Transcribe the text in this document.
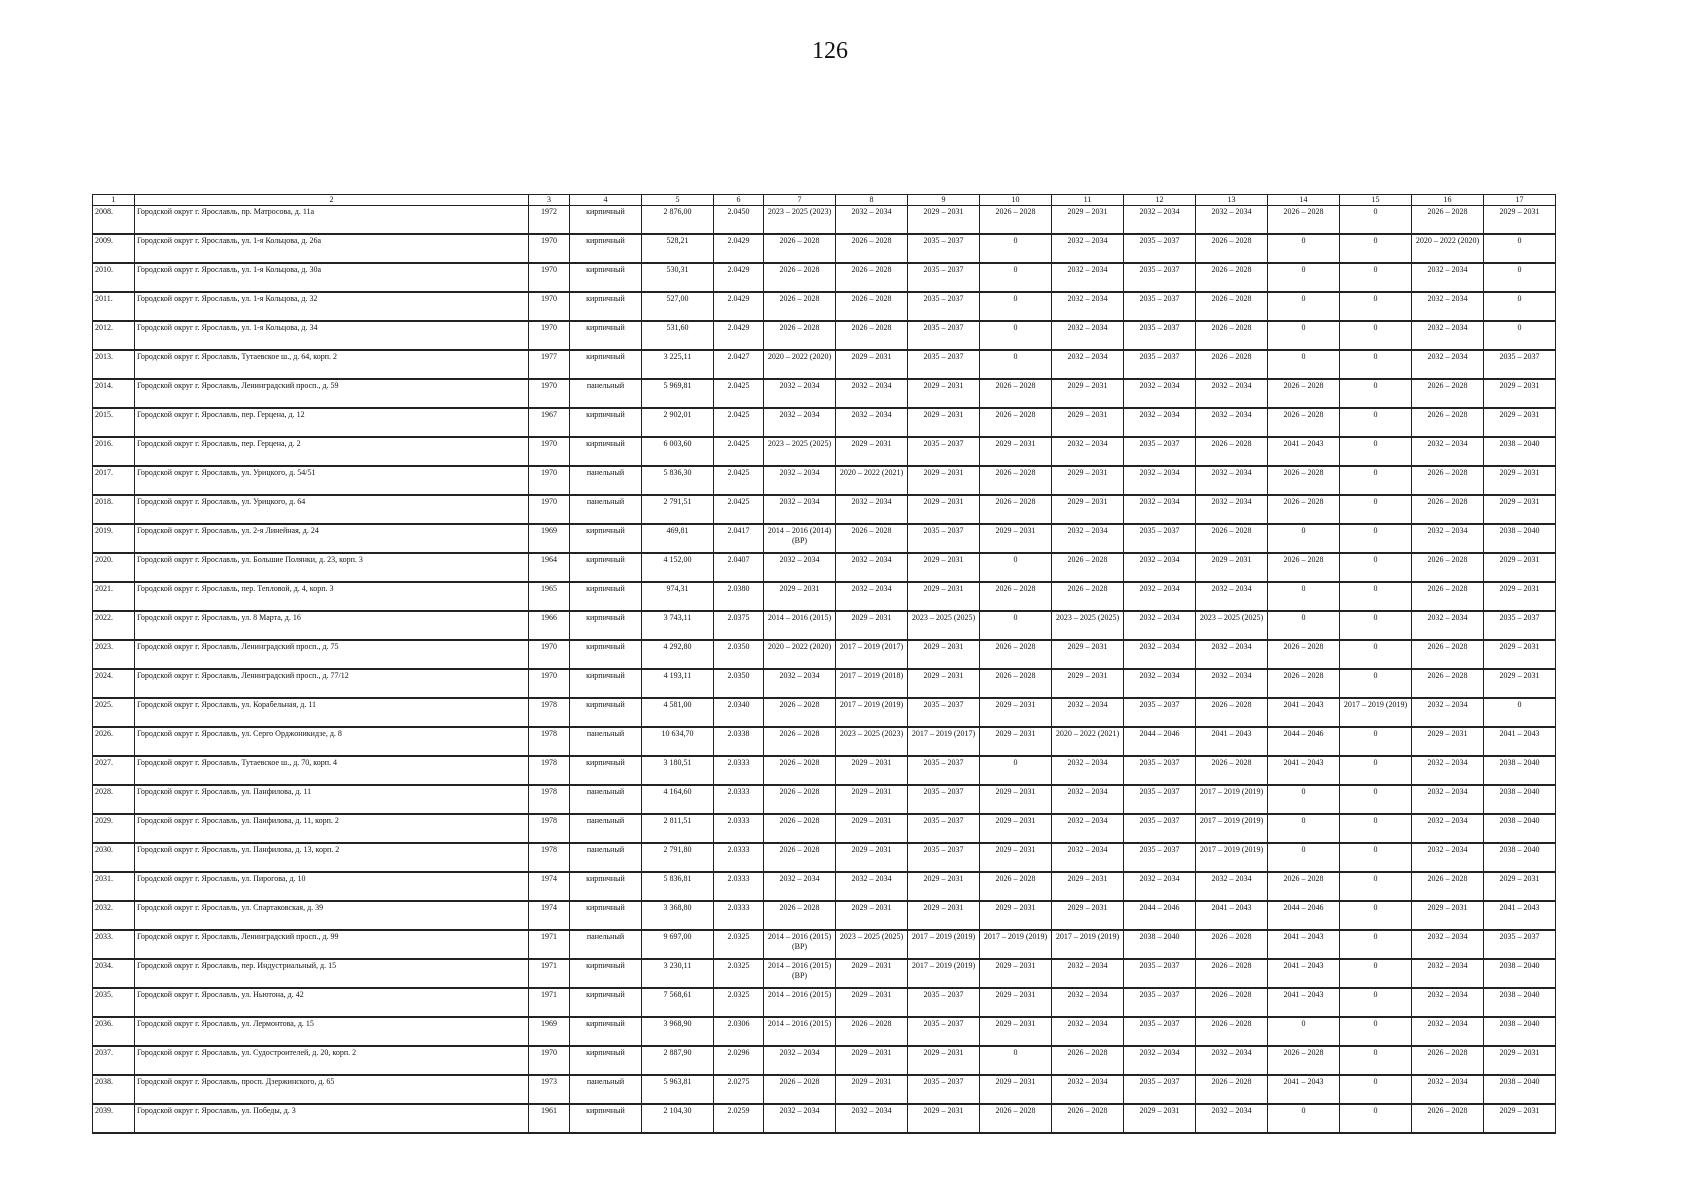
126
1	2	3	4	5	6	7	8	9	10	11	12	13	14	15	16	17
2008.	Городской округ г. Ярославль, пр. Матросова, д. 11а	1972	кирпичный	2 876,00	2.0450	2023 – 2025 (2023)	2032 – 2034	2029 – 2031	2026 – 2028	2029 – 2031	2032 – 2034	2032 – 2034	2026 – 2028	0	2026 – 2028	2029 – 2031
2009.	Городской округ г. Ярославль, ул. 1-я Кольцова, д. 26а	1970	кирпичный	528,21	2.0429	2026 – 2028	2026 – 2028	2035 – 2037	0	2032 – 2034	2035 – 2037	2026 – 2028	0	0	2020 – 2022 (2020)	0
2010.	Городской округ г. Ярославль, ул. 1-я Кольцова, д. 30а	1970	кирпичный	530,31	2.0429	2026 – 2028	2026 – 2028	2035 – 2037	0	2032 – 2034	2035 – 2037	2026 – 2028	0	0	2032 – 2034	0
2011.	Городской округ г. Ярославль, ул. 1-я Кольцова, д. 32	1970	кирпичный	527,00	2.0429	2026 – 2028	2026 – 2028	2035 – 2037	0	2032 – 2034	2035 – 2037	2026 – 2028	0	0	2032 – 2034	0
2012.	Городской округ г. Ярославль, ул. 1-я Кольцова, д. 34	1970	кирпичный	531,60	2.0429	2026 – 2028	2026 – 2028	2035 – 2037	0	2032 – 2034	2035 – 2037	2026 – 2028	0	0	2032 – 2034	0
2013.	Городской округ г. Ярославль, Тутаевское ш., д. 64, корп. 2	1977	кирпичный	3 225,11	2.0427	2020 – 2022 (2020)	2029 – 2031	2035 – 2037	0	2032 – 2034	2035 – 2037	2026 – 2028	0	0	2032 – 2034	2035 – 2037
2014.	Городской округ г. Ярославль, Ленинградский просп., д. 59	1970	панельный	5 969,81	2.0425	2032 – 2034	2032 – 2034	2029 – 2031	2026 – 2028	2029 – 2031	2032 – 2034	2032 – 2034	2026 – 2028	0	2026 – 2028	2029 – 2031
2015.	Городской округ г. Ярославль, пер. Герцена, д. 12	1967	кирпичный	2 902,01	2.0425	2032 – 2034	2032 – 2034	2029 – 2031	2026 – 2028	2029 – 2031	2032 – 2034	2032 – 2034	2026 – 2028	0	2026 – 2028	2029 – 2031
2016.	Городской округ г. Ярославль, пер. Герцена, д. 2	1970	кирпичный	6 003,60	2.0425	2023 – 2025 (2025)	2029 – 2031	2035 – 2037	2029 – 2031	2032 – 2034	2035 – 2037	2026 – 2028	2041 – 2043	0	2032 – 2034	2038 – 2040
2017.	Городской округ г. Ярославль, ул. Урицкого, д. 54/51	1970	панельный	5 836,30	2.0425	2032 – 2034	2020 – 2022 (2021)	2029 – 2031	2026 – 2028	2029 – 2031	2032 – 2034	2032 – 2034	2026 – 2028	0	2026 – 2028	2029 – 2031
2018.	Городской округ г. Ярославль, ул. Урицкого, д. 64	1970	панельный	2 791,51	2.0425	2032 – 2034	2032 – 2034	2029 – 2031	2026 – 2028	2029 – 2031	2032 – 2034	2032 – 2034	2026 – 2028	0	2026 – 2028	2029 – 2031
2019.	Городской округ г. Ярославль, ул. 2-я Линейная, д. 24	1969	кирпичный	469,81	2.0417	2014 – 2016 (2014) (ВР)	2026 – 2028	2035 – 2037	2029 – 2031	2032 – 2034	2035 – 2037	2026 – 2028	0	0	2032 – 2034	2038 – 2040
2020.	Городской округ г. Ярославль, ул. Большие Полянки, д. 23, корп. 3	1964	кирпичный	4 152,00	2.0407	2032 – 2034	2032 – 2034	2029 – 2031	0	2026 – 2028	2032 – 2034	2029 – 2031	2026 – 2028	0	2026 – 2028	2029 – 2031
2021.	Городской округ г. Ярославль, пер. Тепловой, д. 4, корп. 3	1965	кирпичный	974,31	2.0380	2029 – 2031	2032 – 2034	2029 – 2031	2026 – 2028	2026 – 2028	2032 – 2034	2032 – 2034	0	0	2026 – 2028	2029 – 2031
2022.	Городской округ г. Ярославль, ул. 8 Марта, д. 16	1966	кирпичный	3 743,11	2.0375	2014 – 2016 (2015)	2029 – 2031	2023 – 2025 (2025)	0	2023 – 2025 (2025)	2032 – 2034	2023 – 2025 (2025)	0	0	2032 – 2034	2035 – 2037
2023.	Городской округ г. Ярославль, Ленинградский просп., д. 75	1970	кирпичный	4 292,80	2.0350	2020 – 2022 (2020)	2017 – 2019 (2017)	2029 – 2031	2026 – 2028	2029 – 2031	2032 – 2034	2032 – 2034	2026 – 2028	0	2026 – 2028	2029 – 2031
2024.	Городской округ г. Ярославль, Ленинградский просп., д. 77/12	1970	кирпичный	4 193,11	2.0350	2032 – 2034	2017 – 2019 (2018)	2029 – 2031	2026 – 2028	2029 – 2031	2032 – 2034	2032 – 2034	2026 – 2028	0	2026 – 2028	2029 – 2031
2025.	Городской округ г. Ярославль, ул. Корабельная, д. 11	1978	кирпичный	4 581,00	2.0340	2026 – 2028	2017 – 2019 (2019)	2035 – 2037	2029 – 2031	2032 – 2034	2035 – 2037	2026 – 2028	2041 – 2043	2017 – 2019 (2019)	2032 – 2034	0
2026.	Городской округ г. Ярославль, ул. Серго Орджоникидзе, д. 8	1978	панельный	10 634,70	2.0338	2026 – 2028	2023 – 2025 (2023)	2017 – 2019 (2017)	2029 – 2031	2020 – 2022 (2021)	2044 – 2046	2041 – 2043	2044 – 2046	0	2029 – 2031	2041 – 2043
2027.	Городской округ г. Ярославль, Тутаевское ш., д. 70, корп. 4	1978	кирпичный	3 180,51	2.0333	2026 – 2028	2029 – 2031	2035 – 2037	0	2032 – 2034	2035 – 2037	2026 – 2028	2041 – 2043	0	2032 – 2034	2038 – 2040
2028.	Городской округ г. Ярославль, ул. Панфилова, д. 11	1978	панельный	4 164,60	2.0333	2026 – 2028	2029 – 2031	2035 – 2037	2029 – 2031	2032 – 2034	2035 – 2037	2017 – 2019 (2019)	0	0	2032 – 2034	2038 – 2040
2029.	Городской округ г. Ярославль, ул. Панфилова, д. 11, корп. 2	1978	панельный	2 811,51	2.0333	2026 – 2028	2029 – 2031	2035 – 2037	2029 – 2031	2032 – 2034	2035 – 2037	2017 – 2019 (2019)	0	0	2032 – 2034	2038 – 2040
2030.	Городской округ г. Ярославль, ул. Панфилова, д. 13, корп. 2	1978	панельный	2 791,80	2.0333	2026 – 2028	2029 – 2031	2035 – 2037	2029 – 2031	2032 – 2034	2035 – 2037	2017 – 2019 (2019)	0	0	2032 – 2034	2038 – 2040
2031.	Городской округ г. Ярославль, ул. Пирогова, д. 10	1974	кирпичный	5 836,81	2.0333	2032 – 2034	2032 – 2034	2029 – 2031	2026 – 2028	2029 – 2031	2032 – 2034	2032 – 2034	2026 – 2028	0	2026 – 2028	2029 – 2031
2032.	Городской округ г. Ярославль, ул. Спартаковская, д. 39	1974	кирпичный	3 368,80	2.0333	2026 – 2028	2029 – 2031	2029 – 2031	2029 – 2031	2029 – 2031	2044 – 2046	2041 – 2043	2044 – 2046	0	2029 – 2031	2041 – 2043
2033.	Городской округ г. Ярославль, Ленинградский просп., д. 99	1971	панельный	9 697,00	2.0325	2014 – 2016 (2015) (ВР)	2023 – 2025 (2025)	2017 – 2019 (2019)	2017 – 2019 (2019)	2017 – 2019 (2019)	2038 – 2040	2026 – 2028	2041 – 2043	0	2032 – 2034	2035 – 2037
2034.	Городской округ г. Ярославль, пер. Индустриальный, д. 15	1971	кирпичный	3 230,11	2.0325	2014 – 2016 (2015) (ВР)	2029 – 2031	2017 – 2019 (2019)	2029 – 2031	2032 – 2034	2035 – 2037	2026 – 2028	2041 – 2043	0	2032 – 2034	2038 – 2040
2035.	Городской округ г. Ярославль, ул. Ньютона, д. 42	1971	кирпичный	7 568,61	2.0325	2014 – 2016 (2015)	2029 – 2031	2035 – 2037	2029 – 2031	2032 – 2034	2035 – 2037	2026 – 2028	2041 – 2043	0	2032 – 2034	2038 – 2040
2036.	Городской округ г. Ярославль, ул. Лермонтова, д. 15	1969	кирпичный	3 968,90	2.0306	2014 – 2016 (2015)	2026 – 2028	2035 – 2037	2029 – 2031	2032 – 2034	2035 – 2037	2026 – 2028	0	0	2032 – 2034	2038 – 2040
2037.	Городской округ г. Ярославль, ул. Судостроителей, д. 20, корп. 2	1970	кирпичный	2 887,90	2.0296	2032 – 2034	2029 – 2031	2029 – 2031	0	2026 – 2028	2032 – 2034	2032 – 2034	2026 – 2028	0	2026 – 2028	2029 – 2031
2038.	Городской округ г. Ярославль, просп. Дзержинского, д. 65	1973	панельный	5 963,81	2.0275	2026 – 2028	2029 – 2031	2035 – 2037	2029 – 2031	2032 – 2034	2035 – 2037	2026 – 2028	2041 – 2043	0	2032 – 2034	2038 – 2040
2039.	Городской округ г. Ярославль, ул. Победы, д. 3	1961	кирпичный	2 104,30	2.0259	2032 – 2034	2032 – 2034	2029 – 2031	2026 – 2028	2026 – 2028	2029 – 2031	2032 – 2034	0	0	2026 – 2028	2029 – 2031
